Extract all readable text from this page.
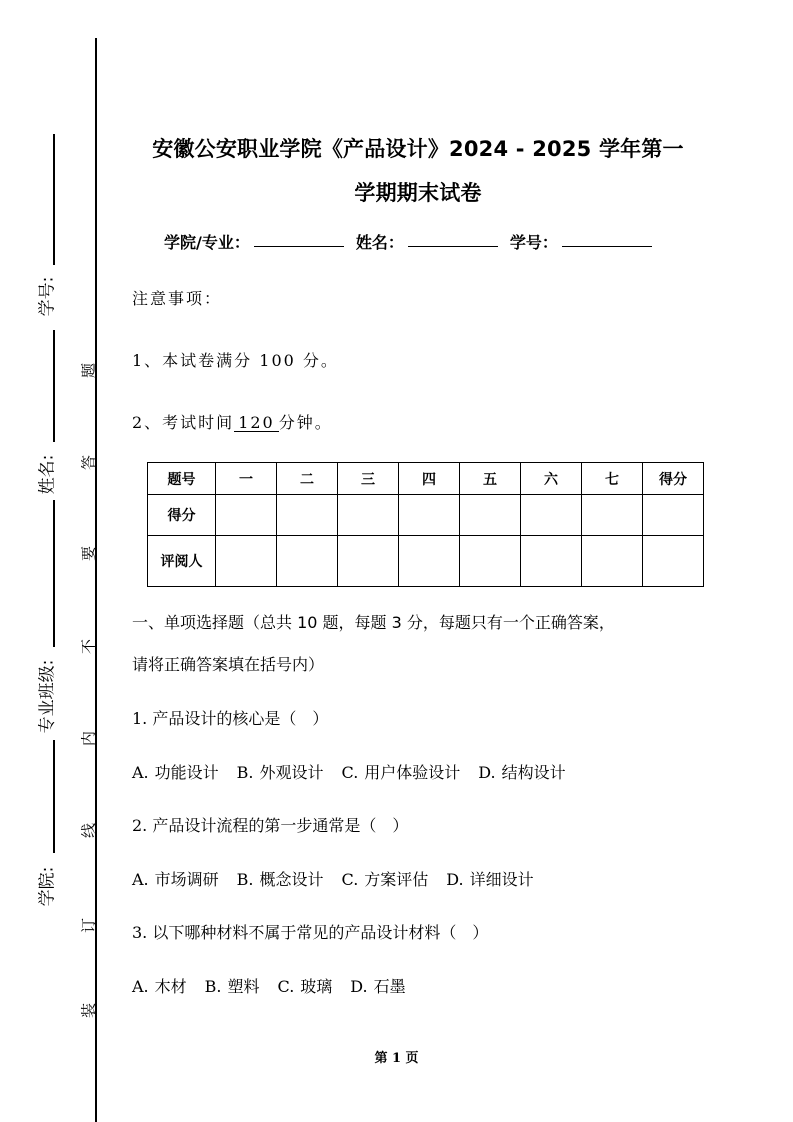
学号:
姓名:
专业班级:
学院:
题
答
要
不
内
线
订
装
安徽公安职业学院《产品设计》2024 - 2025 学年第一
学期期末试卷
学院/专业：	姓名：	学号：
注意事项：
1、本试卷满分 100 分。
2、考试时间120分钟。
题号	一	二	三	四	五	六	七	得分
得分								
评阅人								
一、单项选择题（总共 10 题，每题 3 分，每题只有一个正确答案，
请将正确答案填在括号内）
1. 产品设计的核心是（　）
A. 功能设计 B. 外观设计 C. 用户体验设计 D. 结构设计
2. 产品设计流程的第一步通常是（　）
A. 市场调研 B. 概念设计 C. 方案评估 D. 详细设计
3. 以下哪种材料不属于常见的产品设计材料（　）
A. 木材 B. 塑料 C. 玻璃 D. 石墨
第 1 页
